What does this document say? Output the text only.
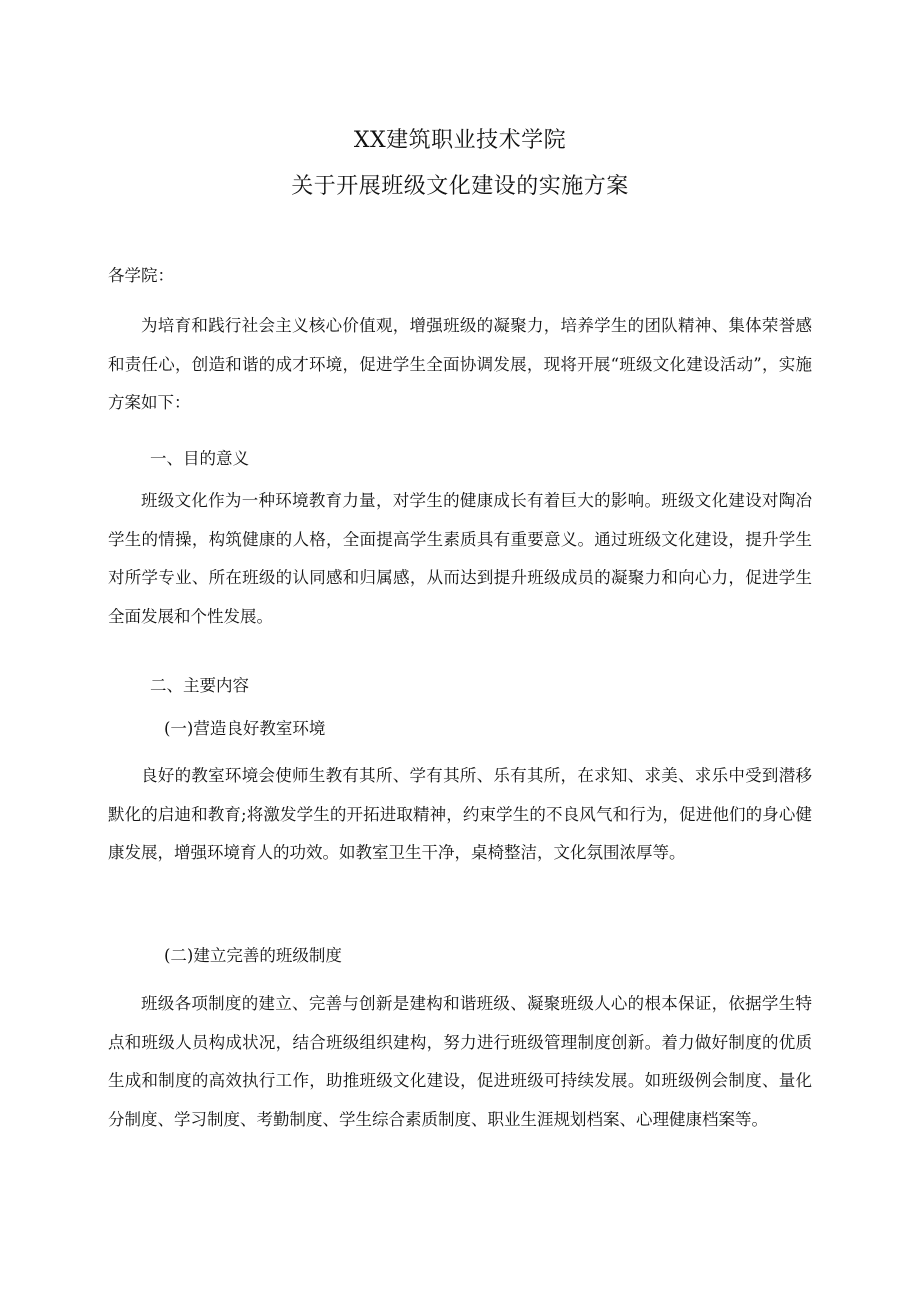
XX建筑职业技术学院
关于开展班级文化建设的实施方案
各学院：

为培育和践行社会主义核心价值观，增强班级的凝聚力，培养学生的团队精神、集体荣誉感和责任心，创造和谐的成才环境，促进学生全面协调发展，现将开展“班级文化建设活动”，实施方案如下：

一、目的意义

班级文化作为一种环境教育力量，对学生的健康成长有着巨大的影响。班级文化建设对陶冶学生的情操，构筑健康的人格，全面提高学生素质具有重要意义。通过班级文化建设，提升学生对所学专业、所在班级的认同感和归属感，从而达到提升班级成员的凝聚力和向心力，促进学生全面发展和个性发展。

二、主要内容

(一)营造良好教室环境

良好的教室环境会使师生教有其所、学有其所、乐有其所，在求知、求美、求乐中受到潜移默化的启迪和教育;将激发学生的开拓进取精神，约束学生的不良风气和行为，促进他们的身心健康发展，增强环境育人的功效。如教室卫生干净，桌椅整洁，文化氛围浓厚等。

(二)建立完善的班级制度

班级各项制度的建立、完善与创新是建构和谐班级、凝聚班级人心的根本保证，依据学生特点和班级人员构成状况，结合班级组织建构，努力进行班级管理制度创新。着力做好制度的优质生成和制度的高效执行工作，助推班级文化建设，促进班级可持续发展。如班级例会制度、量化分制度、学习制度、考勤制度、学生综合素质制度、职业生涯规划档案、心理健康档案等。
